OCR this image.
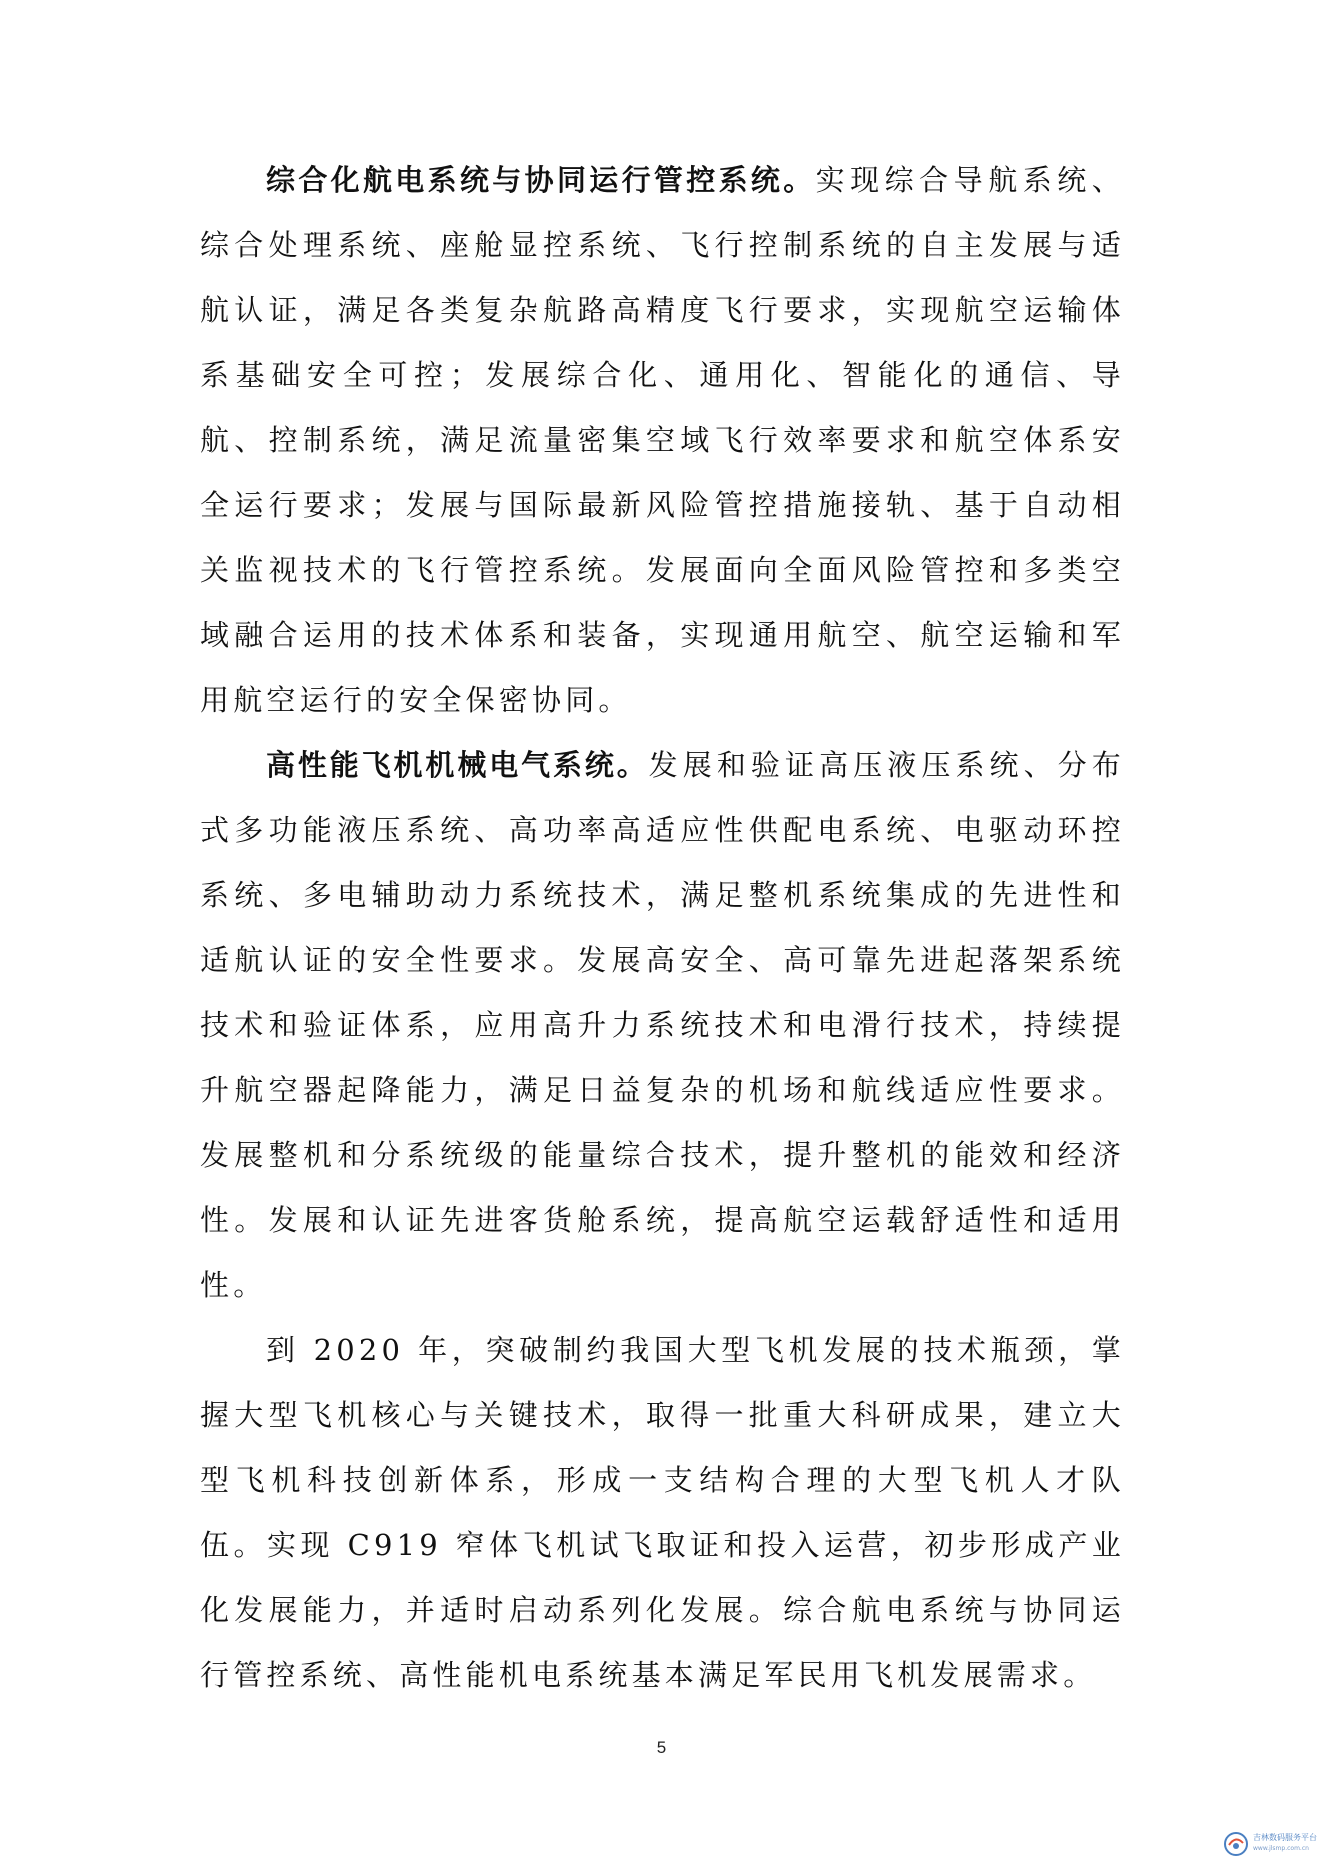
综合化航电系统与协同运行管控系统。实现综合导航系统、综合处理系统、座舱显控系统、飞行控制系统的自主发展与适航认证，满足各类复杂航路高精度飞行要求，实现航空运输体系基础安全可控；发展综合化、通用化、智能化的通信、导航、控制系统，满足流量密集空域飞行效率要求和航空体系安全运行要求；发展与国际最新风险管控措施接轨、基于自动相关监视技术的飞行管控系统。发展面向全面风险管控和多类空域融合运用的技术体系和装备，实现通用航空、航空运输和军用航空运行的安全保密协同。

高性能飞机机械电气系统。发展和验证高压液压系统、分布式多功能液压系统、高功率高适应性供配电系统、电驱动环控系统、多电辅助动力系统技术，满足整机系统集成的先进性和适航认证的安全性要求。发展高安全、高可靠先进起落架系统技术和验证体系，应用高升力系统技术和电滑行技术，持续提升航空器起降能力，满足日益复杂的机场和航线适应性要求。发展整机和分系统级的能量综合技术，提升整机的能效和经济性。发展和认证先进客货舱系统，提高航空运载舒适性和适用性。

到 2020 年，突破制约我国大型飞机发展的技术瓶颈，掌握大型飞机核心与关键技术，取得一批重大科研成果，建立大型飞机科技创新体系，形成一支结构合理的大型飞机人才队伍。实现 C919 窄体飞机试飞取证和投入运营，初步形成产业化发展能力，并适时启动系列化发展。综合航电系统与协同运行管控系统、高性能机电系统基本满足军民用飞机发展需求。

5
吉林数码服务平台
www.jlsmp.com.cn
